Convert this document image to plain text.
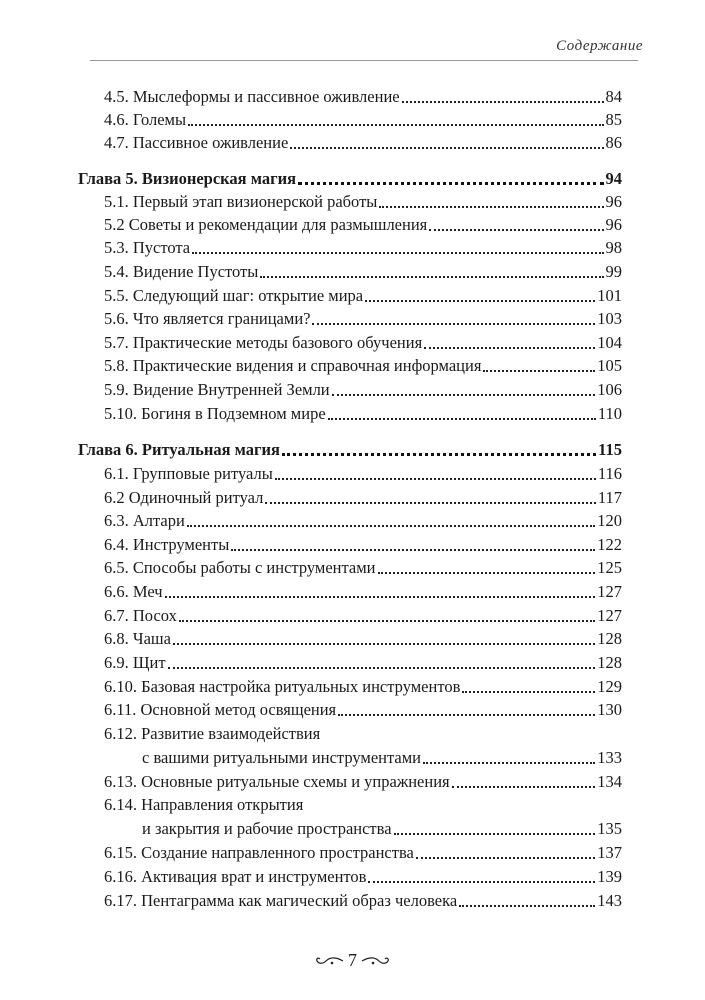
Содержание
4.5. Мыслеформы и пассивное оживление	84
4.6. Големы	85
4.7. Пассивное оживление	86
Глава 5. Визионерская магия	94
5.1. Первый этап визионерской работы	96
5.2 Советы и рекомендации для размышления	96
5.3. Пустота	98
5.4. Видение Пустоты	99
5.5. Следующий шаг: открытие мира	101
5.6. Что является границами?	103
5.7. Практические методы базового обучения	104
5.8. Практические видения и справочная информация	105
5.9. Видение Внутренней Земли	106
5.10. Богиня в Подземном мире	110
Глава 6. Ритуальная магия	115
6.1. Групповые ритуалы	116
6.2 Одиночный ритуал	117
6.3. Алтари	120
6.4. Инструменты	122
6.5. Способы работы с инструментами	125
6.6. Меч	127
6.7. Посох	127
6.8. Чаша	128
6.9. Щит	128
6.10. Базовая настройка ритуальных инструментов	129
6.11. Основной метод освящения	130
6.12. Развитие взаимодействия
с вашими ритуальными инструментами	133
6.13. Основные ритуальные схемы и упражнения	134
6.14. Направления открытия
и закрытия и рабочие пространства	135
6.15. Создание направленного пространства	137
6.16. Активация врат и инструментов	139
6.17. Пентаграмма как магический образ человека	143
7
